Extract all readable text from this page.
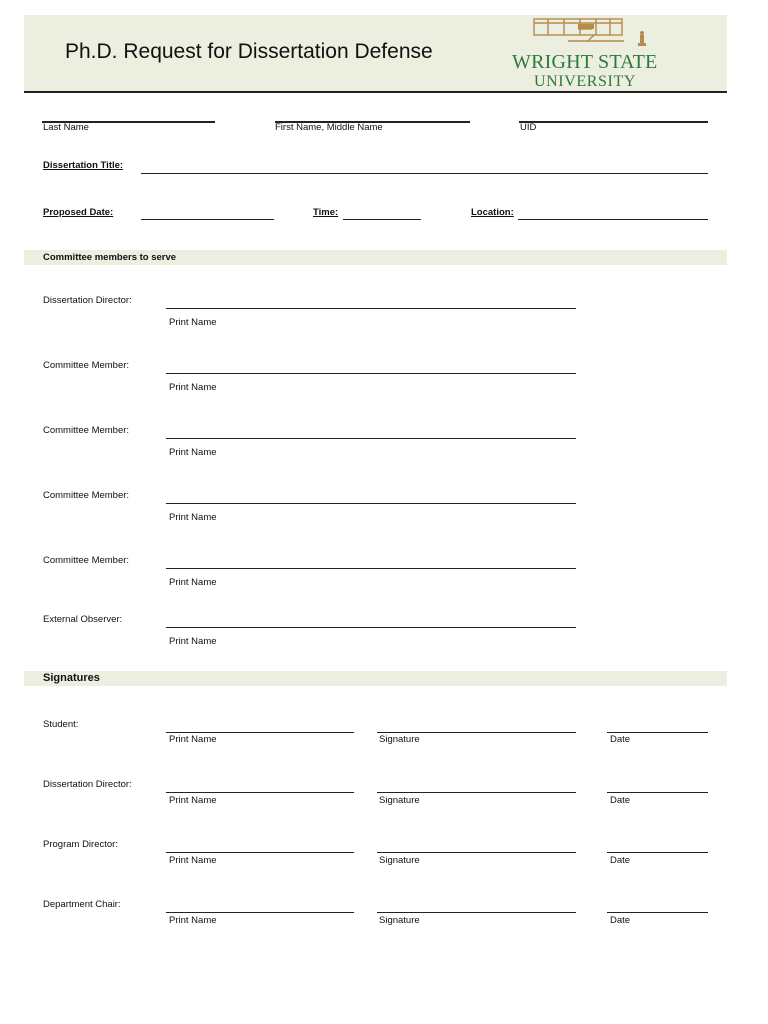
Ph.D. Request for Dissertation Defense	WRIGHT STATE
UNIVERSITY
Last Name	First Name, Middle Name	UID
Dissertation Title:
Proposed Date:	Time:	Location:
Committee members to serve
Dissertation Director:
Print Name
Committee Member:
Print Name
Committee Member:
Print Name
Committee Member:
Print Name
Committee Member:
Print Name
External Observer:
Print Name
Signatures
Student:
Print Name	Signature	Date
Dissertation Director:
Print Name	Signature	Date
Program Director:
Print Name	Signature	Date
Department Chair:
Print Name	Signature	Date
